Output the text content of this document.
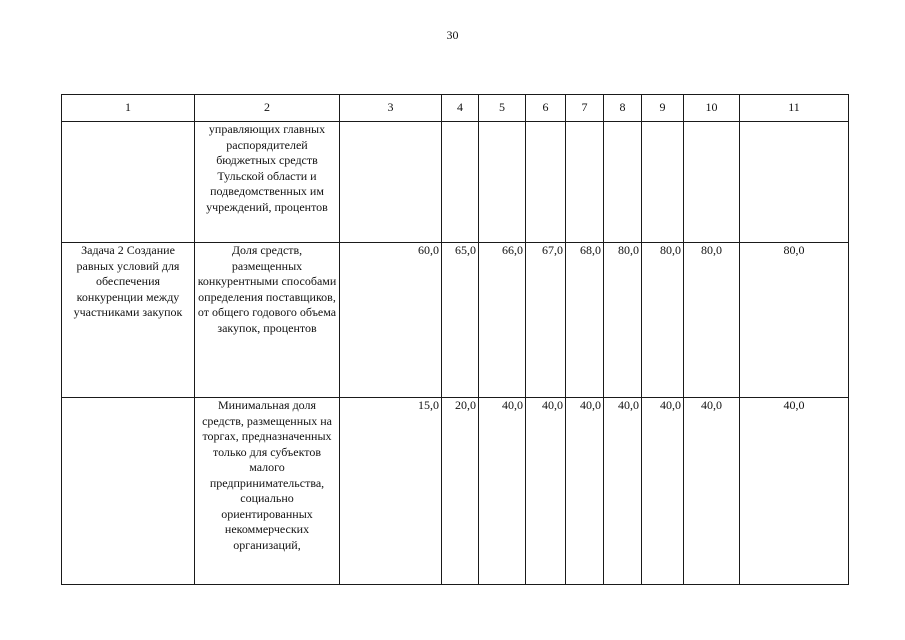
30
1	2	3	4	5	6	7	8	9	10	11
	управляющих главных распорядителей бюджетных средств Тульской области и подведомственных им учреждений, процентов									
Задача 2 Создание равных условий для обеспечения конкуренции между участниками закупок	Доля средств, размещенных конкурентными способами определения поставщиков, от общего годового объема закупок, процентов	60,0	65,0	66,0	67,0	68,0	80,0	80,0	80,0	80,0
	Минимальная доля средств, размещенных на торгах, предназначенных только для субъектов малого предпринимательства, социально ориентированных некоммерческих организаций,	15,0	20,0	40,0	40,0	40,0	40,0	40,0	40,0	40,0
